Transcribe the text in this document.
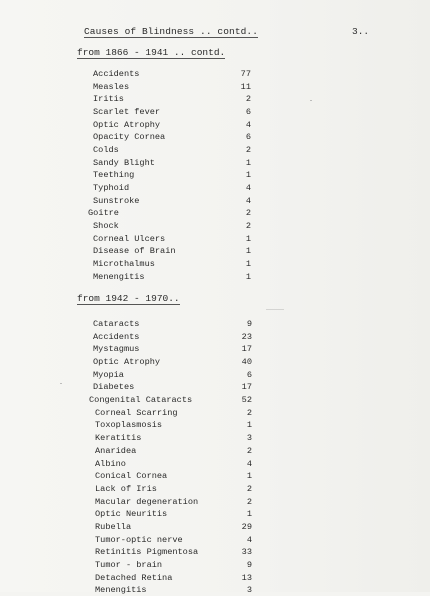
Causes of Blindness .. contd..	3..
from 1866 - 1941 .. contd.
Accidents	77
Measles	11
Iritis	2
Scarlet fever	6
Optic Atrophy	4
Opacity Cornea	6
Colds	2
Sandy Blight	1
Teething	1
Typhoid	4
Sunstroke	4
Goitre	2
Shock	2
Corneal Ulcers	1
Disease of Brain	1
Microthalmus	1
Menengitis	1
from 1942 - 1970..
Cataracts	9
Accidents	23
Mystagmus	17
Optic Atrophy	40
Myopia	6
Diabetes	17
Congenital Cataracts	52
Corneal Scarring	2
Toxoplasmosis	1
Keratitis	3
Anaridea	2
Albino	4
Conical Cornea	1
Lack of Iris	2
Macular degeneration	2
Optic Neuritis	1
Rubella	29
Tumor-optic nerve	4
Retinitis Pigmentosa	33
Tumor - brain	9
Detached Retina	13
Menengitis	3
